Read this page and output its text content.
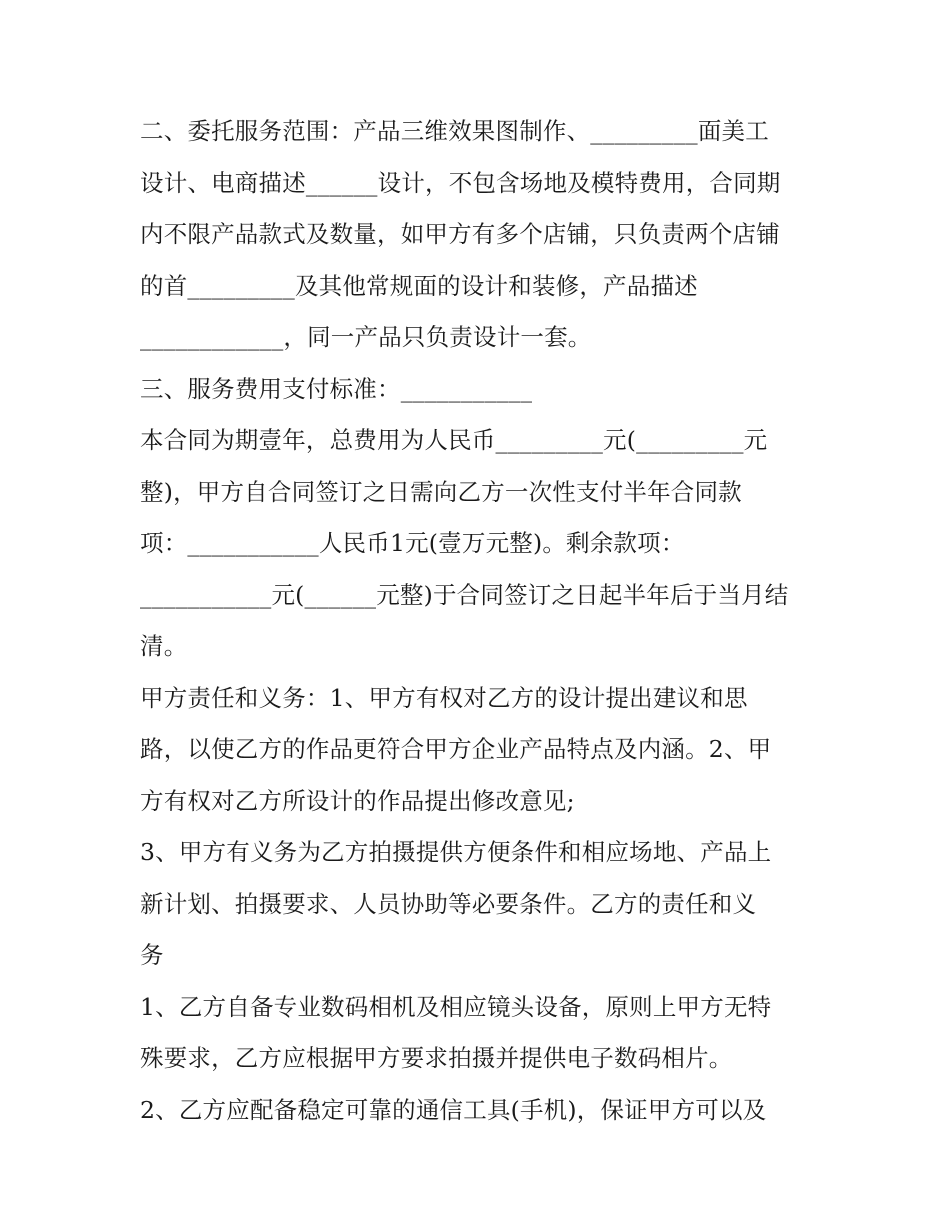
二、委托服务范围：产品三维效果图制作、_________面美工
设计、电商描述______设计，不包含场地及模特费用，合同期
内不限产品款式及数量，如甲方有多个店铺，只负责两个店铺
的首_________及其他常规面的设计和装修，产品描述
____________，同一产品只负责设计一套。
三、服务费用支付标准：___________
本合同为期壹年，总费用为人民币_________元(_________元
整)，甲方自合同签订之日需向乙方一次性支付半年合同款
项：___________人民币1元(壹万元整)。剩余款项：
___________元(______元整)于合同签订之日起半年后于当月结
清。
甲方责任和义务：1、甲方有权对乙方的设计提出建议和思
路，以使乙方的作品更符合甲方企业产品特点及内涵。2、甲
方有权对乙方所设计的作品提出修改意见;
3、甲方有义务为乙方拍摄提供方便条件和相应场地、产品上
新计划、拍摄要求、人员协助等必要条件。乙方的责任和义
务
1、乙方自备专业数码相机及相应镜头设备，原则上甲方无特
殊要求，乙方应根据甲方要求拍摄并提供电子数码相片。
2、乙方应配备稳定可靠的通信工具(手机)，保证甲方可以及
